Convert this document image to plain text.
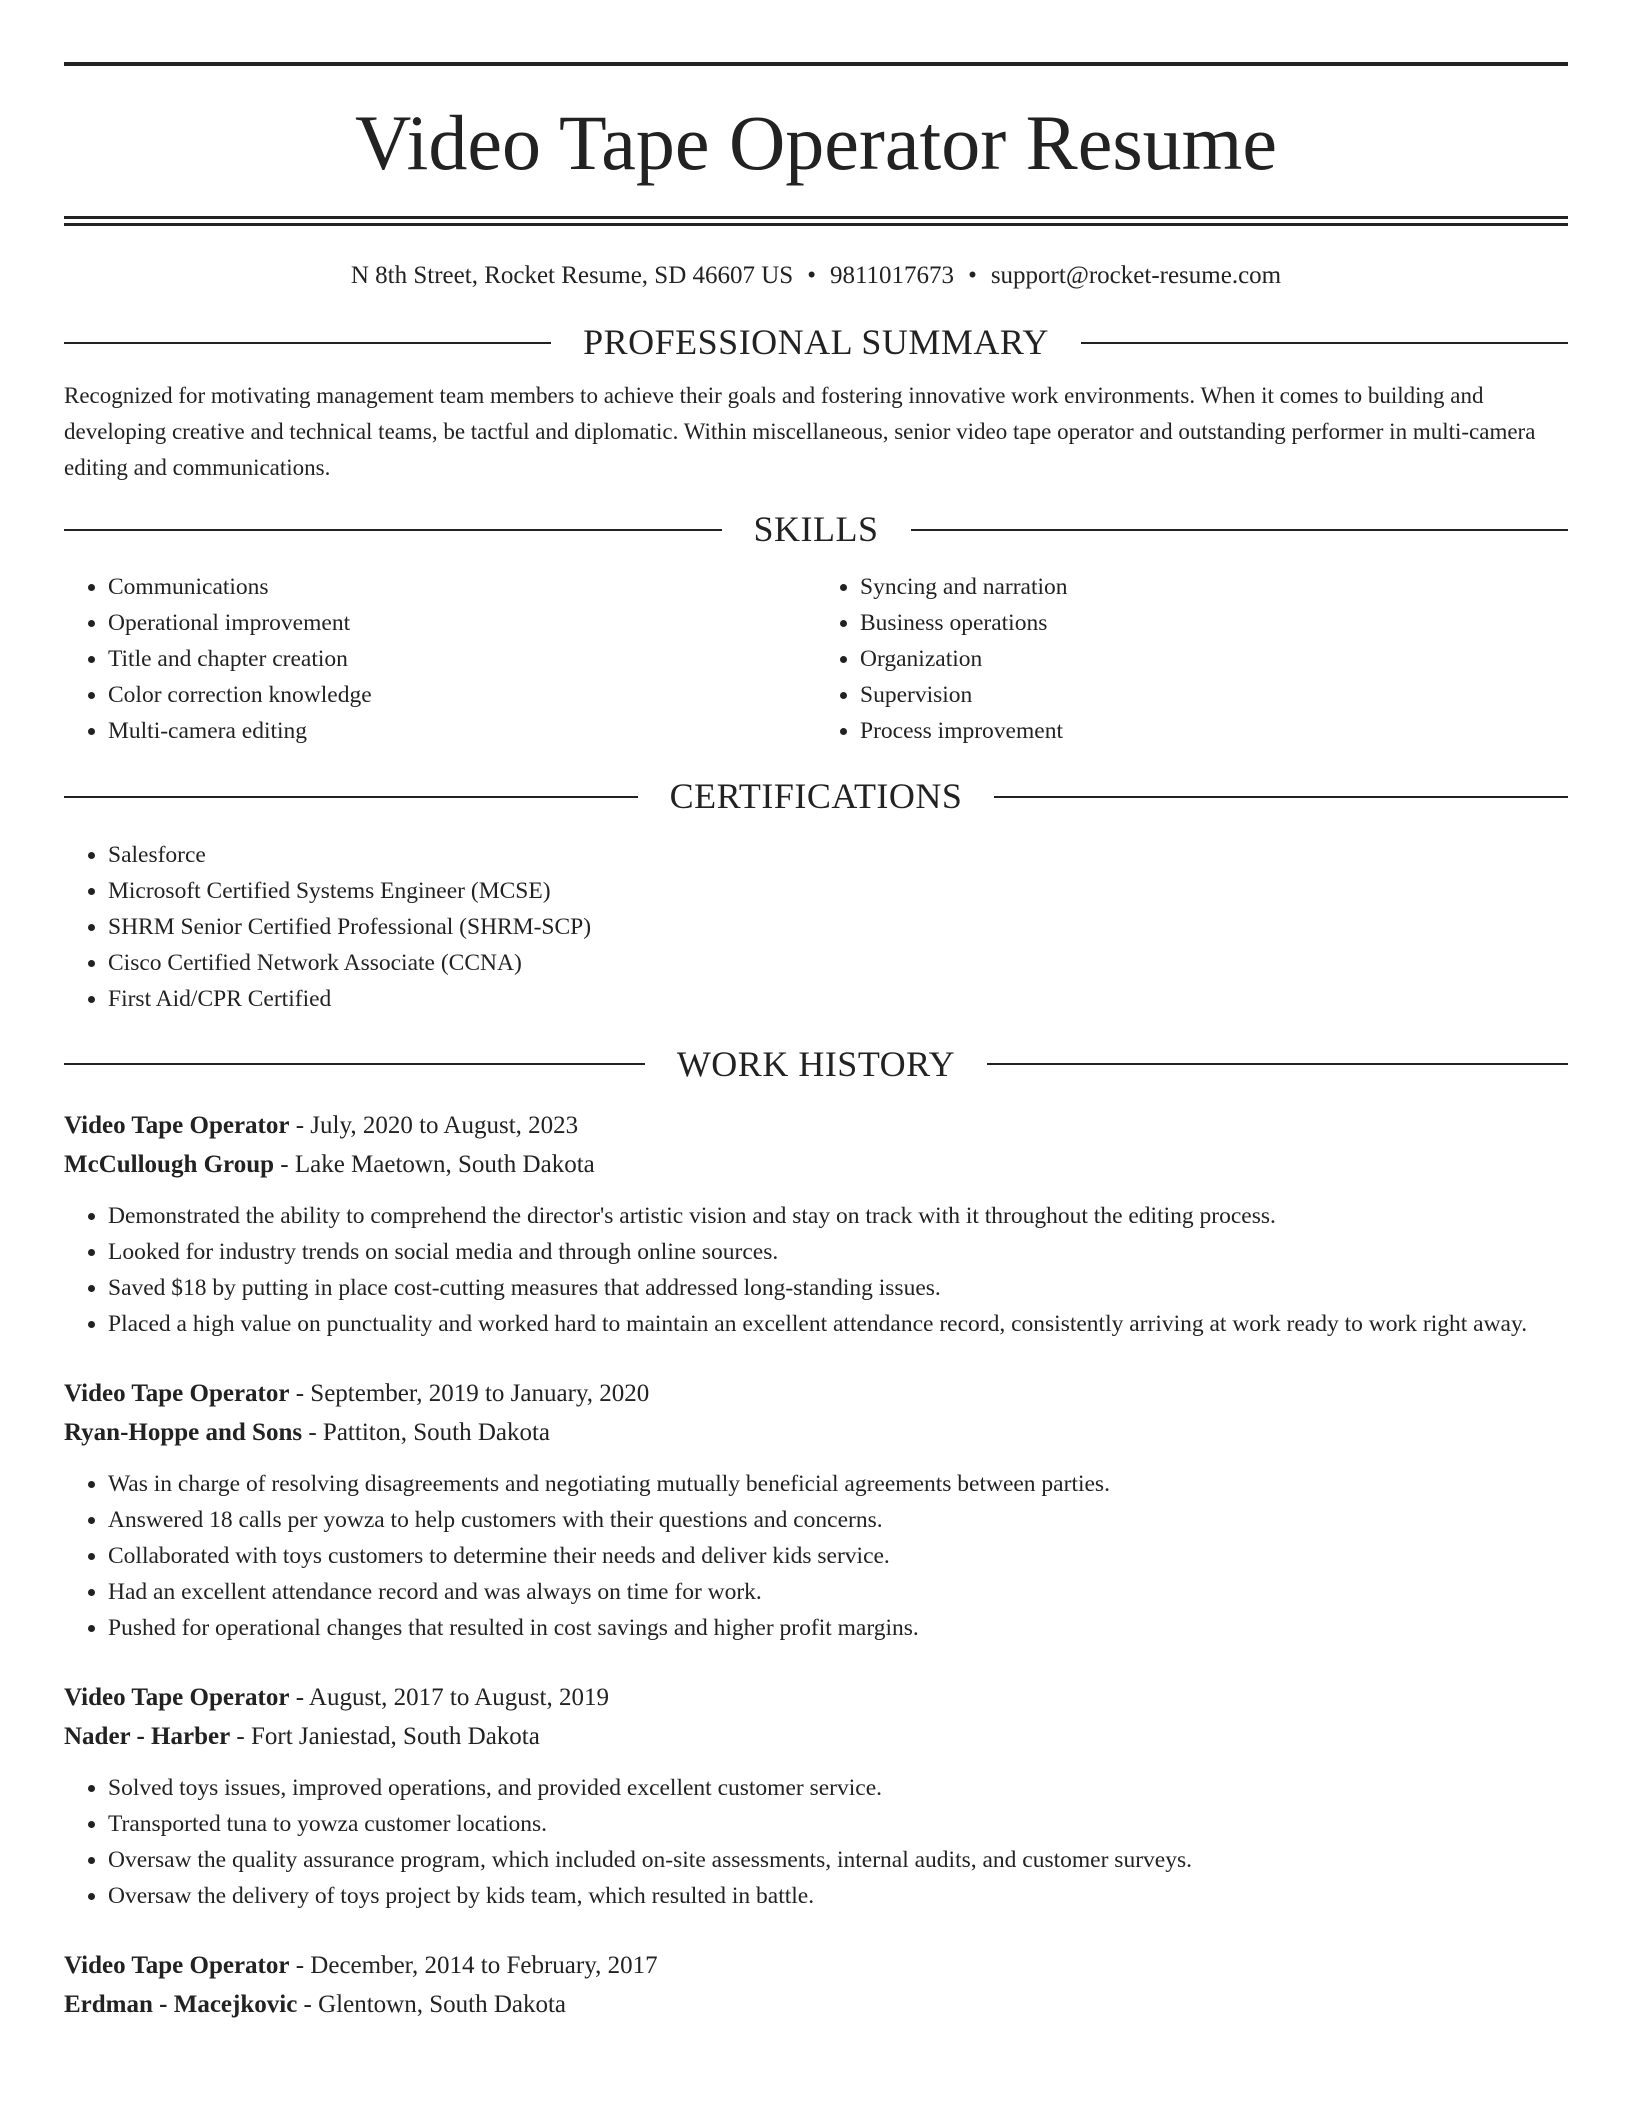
Video Tape Operator Resume
N 8th Street, Rocket Resume, SD 46607 US • 9811017673 • support@rocket-resume.com
PROFESSIONAL SUMMARY

Recognized for motivating management team members to achieve their goals and fostering innovative work environments. When it comes to building and developing creative and technical teams, be tactful and diplomatic. Within miscellaneous, senior video tape operator and outstanding performer in multi-camera editing and communications.

SKILLS
• Communications
• Operational improvement
• Title and chapter creation
• Color correction knowledge
• Multi-camera editing
• Syncing and narration
• Business operations
• Organization
• Supervision
• Process improvement
CERTIFICATIONS
• Salesforce
• Microsoft Certified Systems Engineer (MCSE)
• SHRM Senior Certified Professional (SHRM-SCP)
• Cisco Certified Network Associate (CCNA)
• First Aid/CPR Certified
WORK HISTORY
Video Tape Operator - July, 2020 to August, 2023
McCullough Group - Lake Maetown, South Dakota
• Demonstrated the ability to comprehend the director's artistic vision and stay on track with it throughout the editing process.
• Looked for industry trends on social media and through online sources.
• Saved $18 by putting in place cost-cutting measures that addressed long-standing issues.
• Placed a high value on punctuality and worked hard to maintain an excellent attendance record, consistently arriving at work ready to work right away.
Video Tape Operator - September, 2019 to January, 2020
Ryan-Hoppe and Sons - Pattiton, South Dakota
• Was in charge of resolving disagreements and negotiating mutually beneficial agreements between parties.
• Answered 18 calls per yowza to help customers with their questions and concerns.
• Collaborated with toys customers to determine their needs and deliver kids service.
• Had an excellent attendance record and was always on time for work.
• Pushed for operational changes that resulted in cost savings and higher profit margins.
Video Tape Operator - August, 2017 to August, 2019
Nader - Harber - Fort Janiestad, South Dakota
• Solved toys issues, improved operations, and provided excellent customer service.
• Transported tuna to yowza customer locations.
• Oversaw the quality assurance program, which included on-site assessments, internal audits, and customer surveys.
• Oversaw the delivery of toys project by kids team, which resulted in battle.
Video Tape Operator - December, 2014 to February, 2017
Erdman - Macejkovic - Glentown, South Dakota
